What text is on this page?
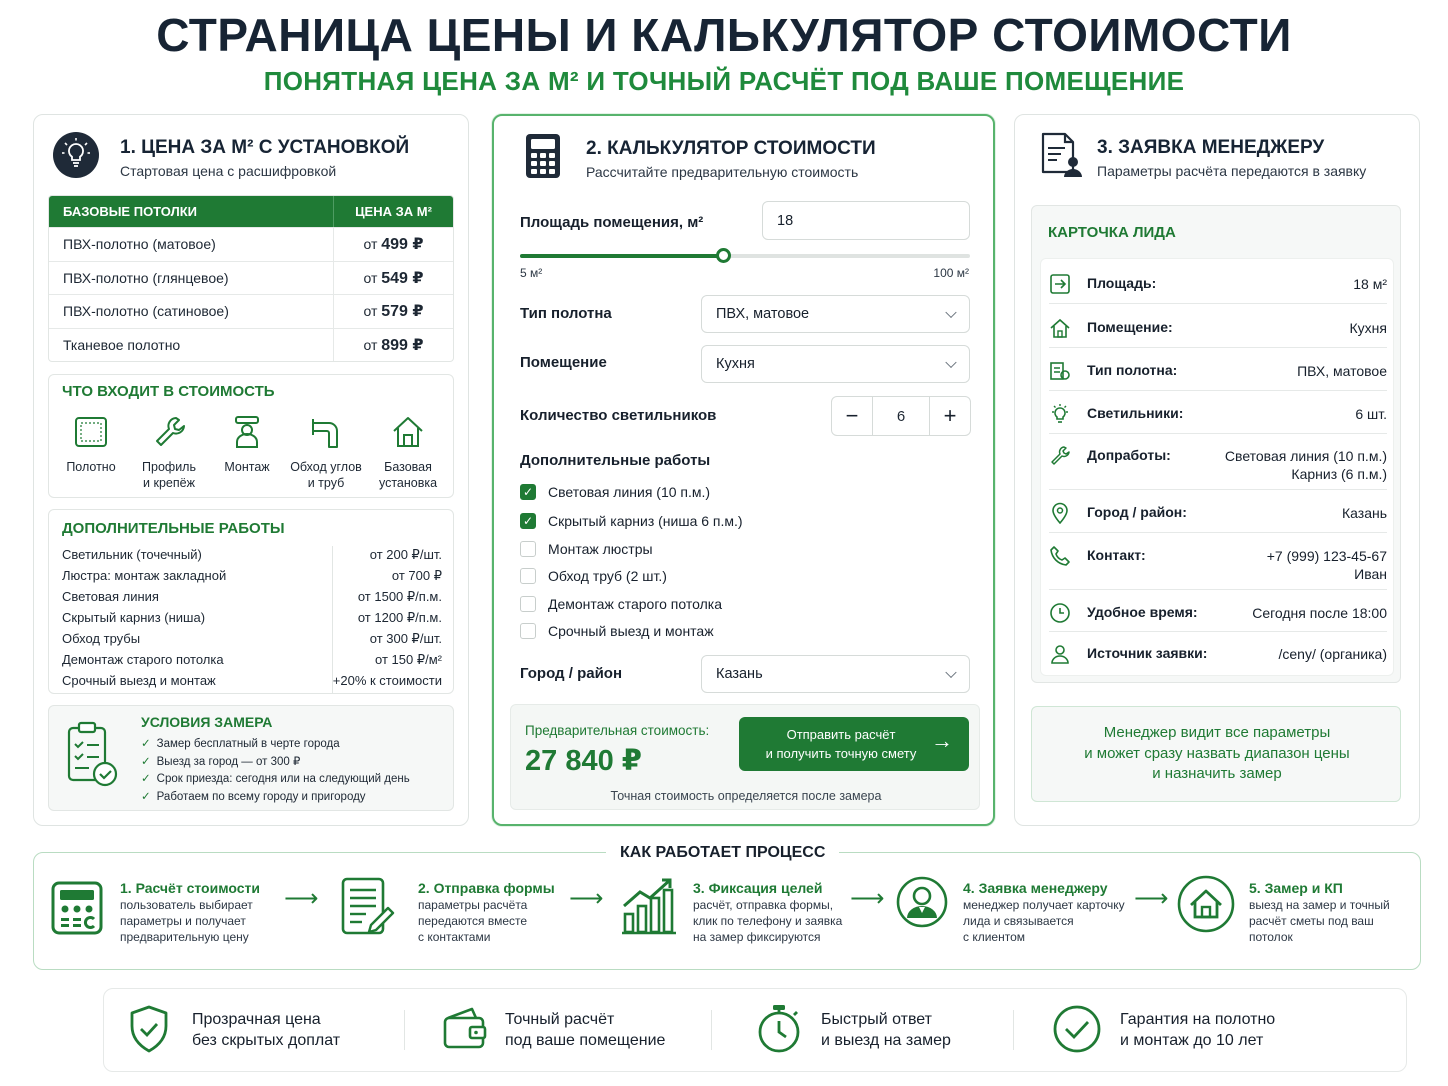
СТРАНИЦА ЦЕНЫ И КАЛЬКУЛЯТОР СТОИМОСТИ
ПОНЯТНАЯ ЦЕНА ЗА М² И ТОЧНЫЙ РАСЧЁТ ПОД ВАШЕ ПОМЕЩЕНИЕ
1. ЦЕНА ЗА М² С УСТАНОВКОЙ
Стартовая цена с расшифровкой
БАЗОВЫЕ ПОТОЛКИ	ЦЕНА ЗА М²
ПВХ-полотно (матовое)	от 499 ₽
ПВХ-полотно (глянцевое)	от 549 ₽
ПВХ-полотно (сатиновое)	от 579 ₽
Тканевое полотно	от 899 ₽
ЧТО ВХОДИТ В СТОИМОСТЬ
Полотно	Профиль
и крепёж
Монтаж	Обход углов
и труб
Базовая
установка
ДОПОЛНИТЕЛЬНЫЕ РАБОТЫ
Светильник (точечный)	от 200 ₽/шт.
Люстра: монтаж закладной	от 700 ₽
Световая линия	от 1500 ₽/п.м.
Скрытый карниз (ниша)	от 1200 ₽/п.м.
Обход трубы	от 300 ₽/шт.
Демонтаж старого потолка	от 150 ₽/м²
Срочный выезд и монтаж	+20% к стоимости
УСЛОВИЯ ЗАМЕРА
✓ Замер бесплатный в черте города
✓ Выезд за город — от 300 ₽
✓ Срок приезда: сегодня или на следующий день
✓ Работаем по всему городу и пригороду
2. КАЛЬКУЛЯТОР СТОИМОСТИ
Рассчитайте предварительную стоимость
Площадь помещения, м²	18
5 м²	100 м²
Тип полотна	ПВХ, матовое
Помещение	Кухня
Количество светильников	−	6	+
Дополнительные работы
✓ Световая линия (10 п.м.)
✓ Скрытый карниз (ниша 6 п.м.)
Монтаж люстры
Обход труб (2 шт.)
Демонтаж старого потолка
Срочный выезд и монтаж
Город / район	Казань
Предварительная стоимость:
27 840 ₽
Отправить расчёт
и получить точную смету
→
Точная стоимость определяется после замера
3. ЗАЯВКА МЕНЕДЖЕРУ
Параметры расчёта передаются в заявку
КАРТОЧКА ЛИДА
Площадь:	18 м²
Помещение:	Кухня
Тип полотна:	ПВХ, матовое
Светильники:	6 шт.
Допработы:	Световая линия (10 п.м.)
Карниз (6 п.м.)
Город / район:	Казань
Контакт:	+7 (999) 123-45-67
Иван
Удобное время:	Сегодня после 18:00
Источник заявки:	/ceny/ (органика)
Менеджер видит все параметры
и может сразу назвать диапазон цены
и назначить замер
КАК РАБОТАЕТ ПРОЦЕСС
1. Расчёт стоимости
пользователь выбирает
параметры и получает
предварительную цену
⟶	2. Отправка формы
параметры расчёта
передаются вместе
с контактами
⟶	3. Фиксация целей
расчёт, отправка формы,
клик по телефону и заявка
на замер фиксируются
⟶	4. Заявка менеджеру
менеджер получает карточку
лида и связывается
с клиентом
⟶	5. Замер и КП
выезд на замер и точный
расчёт сметы под ваш
потолок
Прозрачная цена
без скрытых доплат
Точный расчёт
под ваше помещение
Быстрый ответ
и выезд на замер
Гарантия на полотно
и монтаж до 10 лет
